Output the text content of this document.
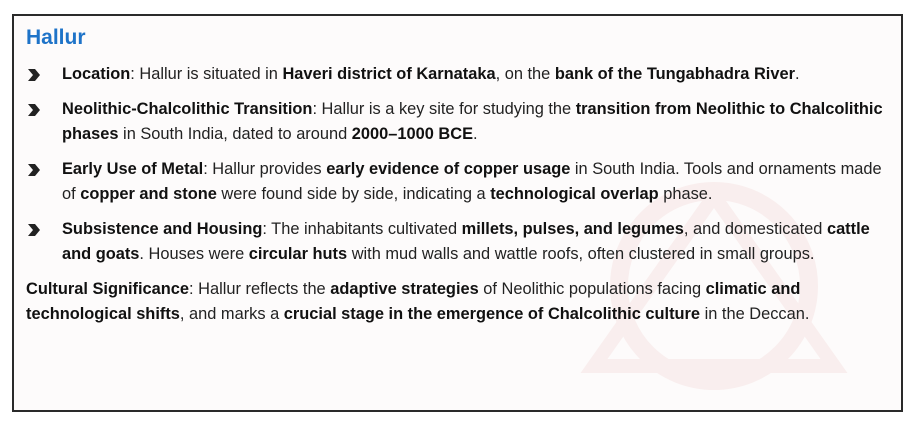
Hallur
Location: Hallur is situated in Haveri district of Karnataka, on the bank of the Tungabhadra River.
Neolithic-Chalcolithic Transition: Hallur is a key site for studying the transition from Neolithic to Chalcolithic phases in South India, dated to around 2000–1000 BCE.
Early Use of Metal: Hallur provides early evidence of copper usage in South India. Tools and ornaments made of copper and stone were found side by side, indicating a technological overlap phase.
Subsistence and Housing: The inhabitants cultivated millets, pulses, and legumes, and domesticated cattle and goats. Houses were circular huts with mud walls and wattle roofs, often clustered in small groups.

Cultural Significance: Hallur reflects the adaptive strategies of Neolithic populations facing climatic and technological shifts, and marks a crucial stage in the emergence of Chalcolithic culture in the Deccan.
